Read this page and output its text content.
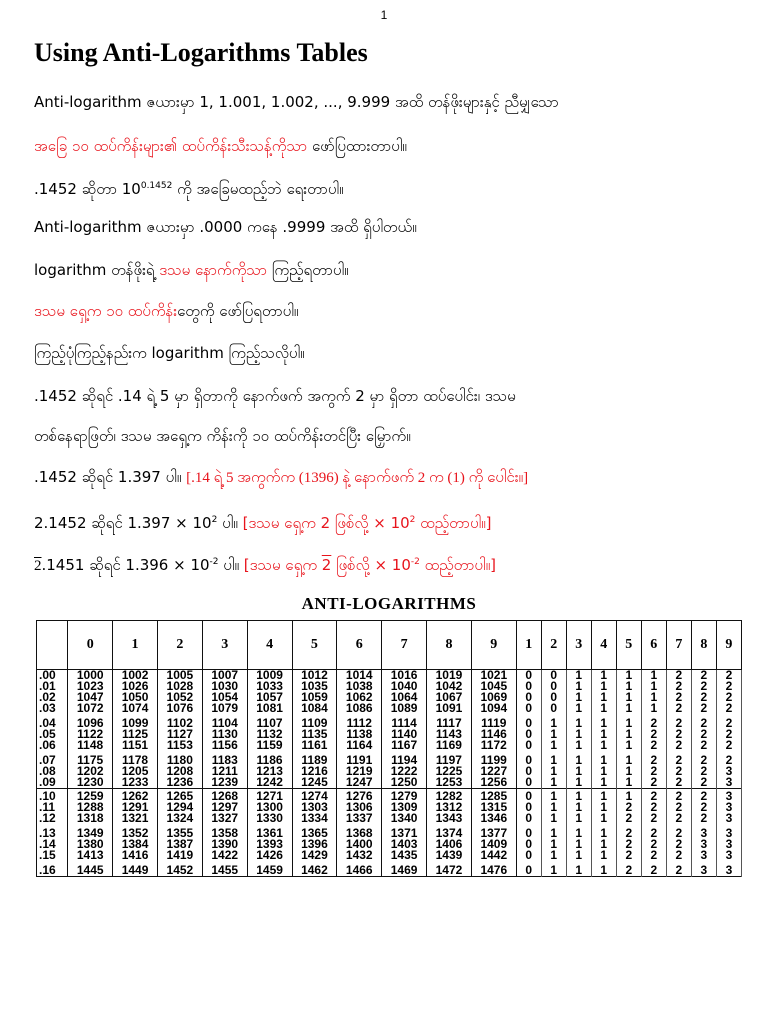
1
Using Anti-Logarithms Tables
Anti-logarithm ဇယားမှာ 1, 1.001, 1.002, ..., 9.999 အထိ တန်ဖိုးများနှင့် ညီမျှသော
အခြေ ၁၀ ထပ်ကိန်းများ၏ ထပ်ကိန်းသီးသန့်ကိုသာ ဖော်ပြထားတာပါ။
.1452 ဆိုတာ $10^{0.1452}$ ကို အခြေမထည့်ဘဲ ရေးတာပါ။
Anti-logarithm ဇယားမှာ .0000 ကနေ .9999 အထိ ရှိပါတယ်။
logarithm တန်ဖိုးရဲ့ ဒသမ နောက်ကိုသာ ကြည့်ရတာပါ။
ဒသမ ရှေ့က ၁၀ ထပ်ကိန်းတွေကို ဖော်ပြရတာပါ။
ကြည့်ပုံကြည့်နည်းက logarithm ကြည့်သလိုပါ။
.1452 ဆိုရင် .14 ရဲ့ 5 မှာ ရှိတာကို နောက်ဖက် အကွက် 2 မှာ ရှိတာ ထပ်ပေါင်း၊ ဒသမ
တစ်နေရာဖြတ်၊ ဒသမ အရှေ့က ကိန်းကို ၁၀ ထပ်ကိန်းတင်ပြီး မြှောက်။
.1452 ဆိုရင် 1.397 ပါ။ [.14 ရဲ့ 5 အကွက်က (1396) နဲ့ နောက်ဖက် 2 က (1) ကို ပေါင်း။]
2.1452 ဆိုရင် $1.397 \times 10^2$ ပါ။ [ဒသမ ရှေ့က 2 ဖြစ်လို့ × $10^2$ ထည့်တာပါ။]
2.1451 ဆိုရင် $1.396 \times 10^{-2}$ ပါ။ [ဒသမ ရှေ့က 2 ဖြစ်လို့ × $10^{-2}$ ထည့်တာပါ။]
ANTI-LOGARITHMS
	0	1	2	3	4	5	6	7	8	9	1	2	3	4	5	6	7	8	9
.00	1000	1002	1005	1007	1009	1012	1014	1016	1019	1021	0	0	1	1	1	1	2	2	2
.01	1023	1026	1028	1030	1033	1035	1038	1040	1042	1045	0	0	1	1	1	1	2	2	2
.02	1047	1050	1052	1054	1057	1059	1062	1064	1067	1069	0	0	1	1	1	1	2	2	2
.03	1072	1074	1076	1079	1081	1084	1086	1089	1091	1094	0	0	1	1	1	1	2	2	2
.04	1096	1099	1102	1104	1107	1109	1112	1114	1117	1119	0	1	1	1	1	2	2	2	2
.05	1122	1125	1127	1130	1132	1135	1138	1140	1143	1146	0	1	1	1	1	2	2	2	2
.06	1148	1151	1153	1156	1159	1161	1164	1167	1169	1172	0	1	1	1	1	2	2	2	2
.07	1175	1178	1180	1183	1186	1189	1191	1194	1197	1199	0	1	1	1	1	2	2	2	2
.08	1202	1205	1208	1211	1213	1216	1219	1222	1225	1227	0	1	1	1	1	2	2	2	3
.09	1230	1233	1236	1239	1242	1245	1247	1250	1253	1256	0	1	1	1	1	2	2	2	3
.10	1259	1262	1265	1268	1271	1274	1276	1279	1282	1285	0	1	1	1	1	2	2	2	3
.11	1288	1291	1294	1297	1300	1303	1306	1309	1312	1315	0	1	1	1	2	2	2	2	3
.12	1318	1321	1324	1327	1330	1334	1337	1340	1343	1346	0	1	1	1	2	2	2	2	3
.13	1349	1352	1355	1358	1361	1365	1368	1371	1374	1377	0	1	1	1	2	2	2	3	3
.14	1380	1384	1387	1390	1393	1396	1400	1403	1406	1409	0	1	1	1	2	2	2	3	3
.15	1413	1416	1419	1422	1426	1429	1432	1435	1439	1442	0	1	1	1	2	2	2	3	3
.16	1445	1449	1452	1455	1459	1462	1466	1469	1472	1476	0	1	1	1	2	2	2	3	3
